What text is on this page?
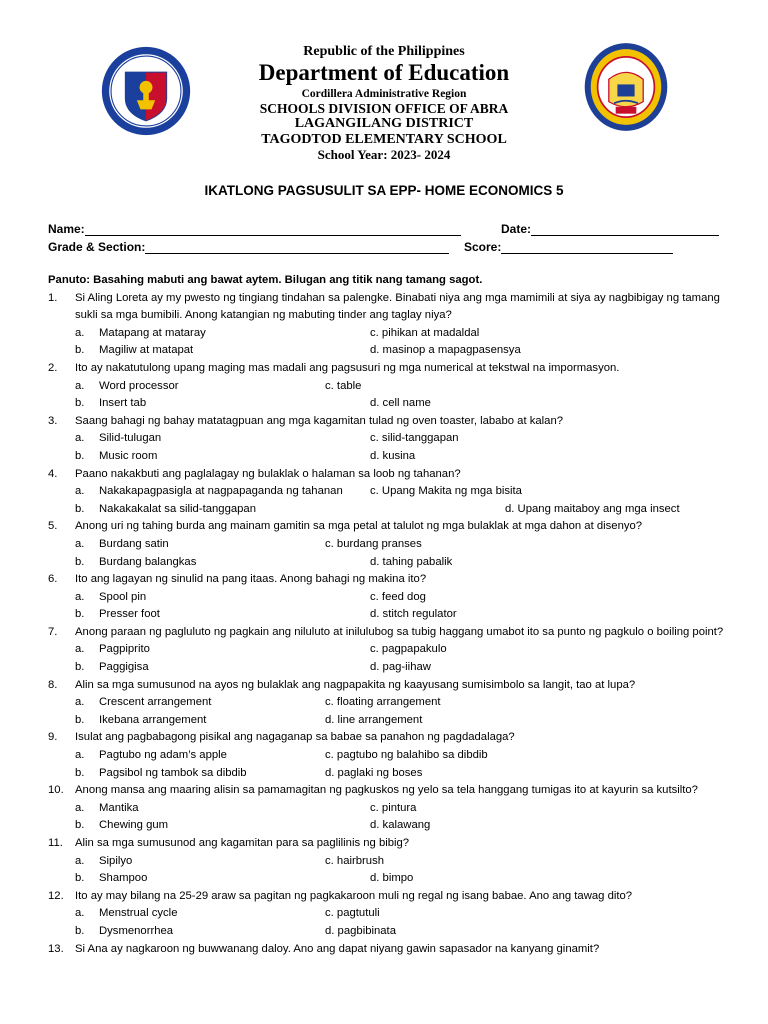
Republic of the Philippines
Department of Education
Cordillera Administrative Region
SCHOOLS DIVISION OFFICE OF ABRA
LAGANGILANG DISTRICT
TAGODTOD ELEMENTARY SCHOOL
School Year: 2023- 2024
IKATLONG PAGSUSULIT SA EPP- HOME ECONOMICS 5
Name:	Date:
Grade & Section:	Score:
Panuto: Basahing mabuti ang bawat aytem. Bilugan ang titik nang tamang sagot.
1.	Si Aling Loreta ay my pwesto ng tingiang tindahan sa palengke. Binabati niya ang mga mamimili at siya ay nagbibigay ng tamang sukli sa mga bumibili. Anong katangian ng mabuting tinder ang taglay niya?
a.	Matapang at mataray	c. pihikan at madaldal
b.	Magiliw at matapat	d. masinop a mapagpasensya
2.	Ito ay nakatutulong upang maging mas madali ang pagsusuri ng mga numerical at tekstwal na impormasyon.
a.	Word processor	c. table
b.	Insert tab	d. cell name
3.	Saang bahagi ng bahay matatagpuan ang mga kagamitan tulad ng oven toaster, lababo at kalan?
a.	Silid-tulugan	c. silid-tanggapan
b.	Music room	d. kusina
4.	Paano nakakbuti ang paglalagay ng bulaklak o halaman sa loob ng tahanan?
a.	Nakakapagpasigla at nagpapaganda ng tahanan c. Upang Makita ng mga bisita
b.	Nakakakalat sa silid-tanggapan	d. Upang maitaboy ang mga insect
5.	Anong uri ng tahing burda ang mainam gamitin sa mga petal at talulot ng mga bulaklak at mga dahon at disenyo?
a.	Burdang satin	c. burdang pranses
b.	Burdang balangkas	d. tahing pabalik
6.	Ito ang lagayan ng sinulid na pang itaas. Anong bahagi ng makina ito?
a.	Spool pin	c. feed dog
b.	Presser foot	d. stitch regulator
7.	Anong paraan ng pagluluto ng pagkain ang niluluto at inilulubog sa tubig haggang umabot ito sa punto ng pagkulo o boiling point?
a.	Pagpiprito	c. pagpapakulo
b.	Paggigisa	d. pag-iihaw
8.	Alin sa mga sumusunod na ayos ng bulaklak ang nagpapakita ng kaayusang sumisimbolo sa langit, tao at lupa?
a.	Crescent arrangement	c. floating arrangement
b.	Ikebana arrangement	d. line arrangement
9.	Isulat ang pagbabagong pisikal ang nagaganap sa babae sa panahon ng pagdadalaga?
a.	Pagtubo ng adam’s apple	c. pagtubo ng balahibo sa dibdib
b.	Pagsibol ng tambok sa dibdib	d. paglaki ng boses
10. Anong mansa ang maaring alisin sa pamamagitan ng pagkuskos ng yelo sa tela hanggang tumigas ito at kayurin sa kutsilto?
a.	Mantika	c. pintura
b.	Chewing gum	d. kalawang
11.	Alin sa mga sumusunod ang kagamitan para sa paglilinis ng bibig?
a.	Sipilyo	c. hairbrush
b.	Shampoo	d. bimpo
12. Ito ay may bilang na 25-29 araw sa pagitan ng pagkakaroon muli ng regal ng isang babae. Ano ang tawag dito?
a.	Menstrual cycle	c. pagtutuli
b.	Dysmenorrhea	d. pagbibinata
13. Si Ana ay nagkaroon ng buwwanang daloy. Ano ang dapat niyang gawin sapasador na kanyang ginamit?
